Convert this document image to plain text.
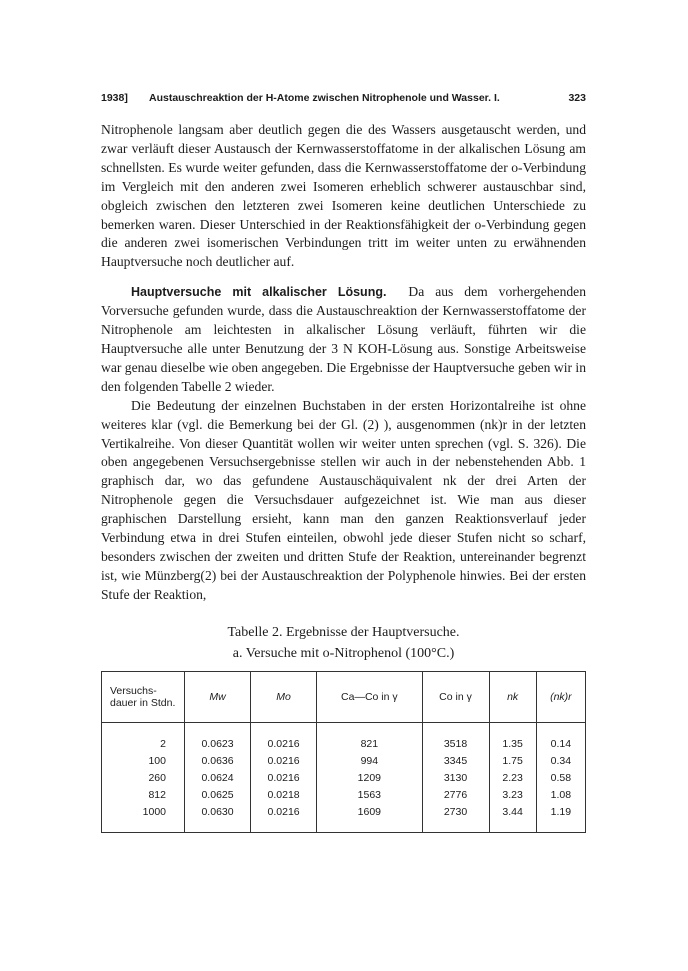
1938] Austauschreaktion der H-Atome zwischen Nitrophenole und Wasser. I.	323

Nitrophenole langsam aber deutlich gegen die des Wassers ausgetauscht werden, und zwar verläuft dieser Austausch der Kernwasserstoffatome in der alkalischen Lösung am schnellsten. Es wurde weiter gefunden, dass die Kernwasserstoffatome der o-Verbindung im Vergleich mit den anderen zwei Isomeren erheblich schwerer austauschbar sind, obgleich zwischen den letzteren zwei Isomeren keine deutlichen Unterschiede zu bemerken waren. Dieser Unterschied in der Reaktionsfähigkeit der o-Verbindung gegen die anderen zwei isomerischen Verbindungen tritt im weiter unten zu erwähnenden Hauptversuche noch deutlicher auf.

Hauptversuche mit alkalischer Lösung. Da aus dem vorhergehenden Vorversuche gefunden wurde, dass die Austauschreaktion der Kernwasserstoffatome der Nitrophenole am leichtesten in alkalischer Lösung verläuft, führten wir die Hauptversuche alle unter Benutzung der 3 N KOH-Lösung aus. Sonstige Arbeitsweise war genau dieselbe wie oben angegeben. Die Ergebnisse der Hauptversuche geben wir in den folgenden Tabelle 2 wieder.

Die Bedeutung der einzelnen Buchstaben in der ersten Horizontalreihe ist ohne weiteres klar (vgl. die Bemerkung bei der Gl. (2) ), ausgenommen (nk)r in der letzten Vertikalreihe. Von dieser Quantität wollen wir weiter unten sprechen (vgl. S. 326). Die oben angegebenen Versuchsergebnisse stellen wir auch in der nebenstehenden Abb. 1 graphisch dar, wo das gefundene Austauschäquivalent nk der drei Arten der Nitrophenole gegen die Versuchsdauer aufgezeichnet ist. Wie man aus dieser graphischen Darstellung ersieht, kann man den ganzen Reaktionsverlauf jeder Verbindung etwa in drei Stufen einteilen, obwohl jede dieser Stufen nicht so scharf, besonders zwischen der zweiten und dritten Stufe der Reaktion, untereinander begrenzt ist, wie Münzberg(2) bei der Austauschreaktion der Polyphenole hinwies. Bei der ersten Stufe der Reaktion,

Tabelle 2. Ergebnisse der Hauptversuche.
a. Versuche mit o-Nitrophenol (100°C.)
Versuchs-dauer in Stdn.	Mw	Mo	Ca—Co in γ	Co in γ	nk	(nk)r
2	0.0623	0.0216	821	3518	1.35	0.14
100	0.0636	0.0216	994	3345	1.75	0.34
260	0.0624	0.0216	1209	3130	2.23	0.58
812	0.0625	0.0218	1563	2776	3.23	1.08
1000	0.0630	0.0216	1609	2730	3.44	1.19
